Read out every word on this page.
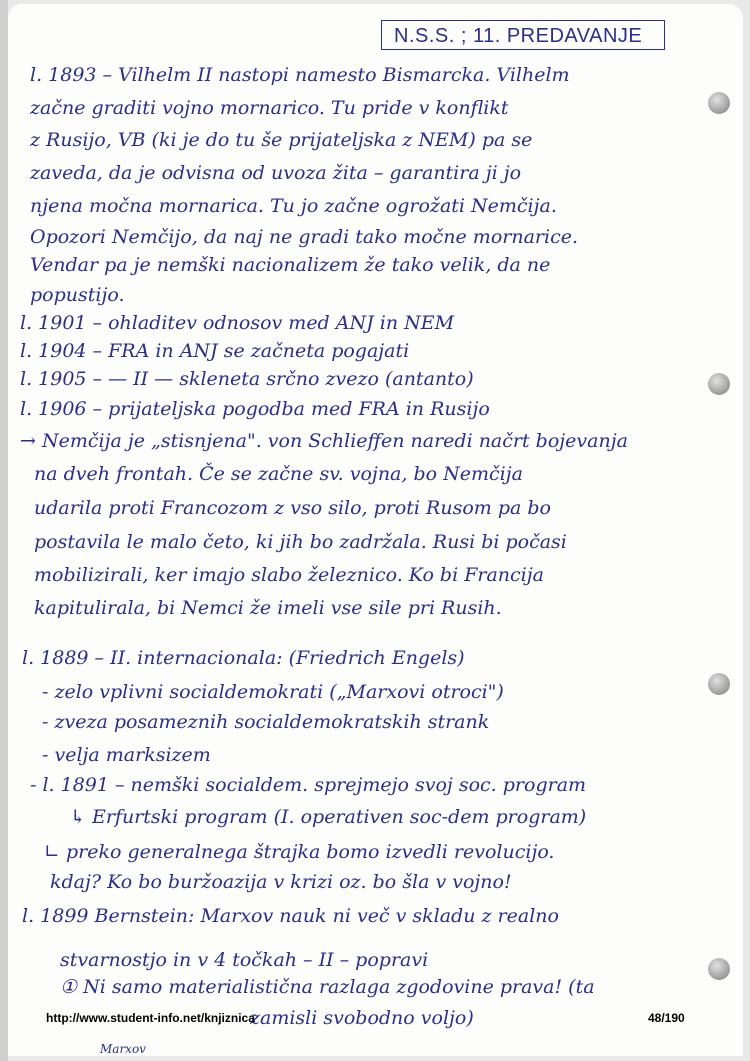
N.S.S. ; 11. PREDAVANJE
l. 1893 – Vilhelm II nastopi namesto Bismarcka. Vilhelm
začne graditi vojno mornarico. Tu pride v konflikt
z Rusijo, VB (ki je do tu še prijateljska z NEM) pa se
zaveda, da je odvisna od uvoza žita – garantira ji jo
njena močna mornarica. Tu jo začne ogrožati Nemčija.
Opozori Nemčijo, da naj ne gradi tako močne mornarice.
Vendar pa je nemški nacionalizem že tako velik, da ne
popustijo.
l. 1901 – ohladitev odnosov med ANJ in NEM
l. 1904 – FRA in ANJ se začneta pogajati
l. 1905 – — II — skleneta srčno zvezo (antanto)
l. 1906 – prijateljska pogodba med FRA in Rusijo
→ Nemčija je „stisnjena". von Schlieffen naredi načrt bojevanja
na dveh frontah. Če se začne sv. vojna, bo Nemčija
udarila proti Francozom z vso silo, proti Rusom pa bo
postavila le malo četo, ki jih bo zadržala. Rusi bi počasi
mobilizirali, ker imajo slabo železnico. Ko bi Francija
kapitulirala, bi Nemci že imeli vse sile pri Rusih.
l. 1889 – II. internacionala: (Friedrich Engels)
- zelo vplivni socialdemokrati („Marxovi otroci")
- zveza posameznih socialdemokratskih strank
- velja marksizem
- l. 1891 – nemški socialdem. sprejmejo svoj soc. program
↳ Erfurtski program (I. operativen soc-dem program)
∟ preko generalnega štrajka bomo izvedli revolucijo.
kdaj? Ko bo buržoazija v krizi oz. bo šla v vojno!
l. 1899 Bernstein: Marxov nauk ni več v skladu z realno
stvarnostjo in v 4 točkah – II – popravi
① Ni samo materialistična razlaga zgodovine prava! (ta
zamisli svobodno voljo)
Marxov
http://www.student-info.net/knjiznica	48/190
